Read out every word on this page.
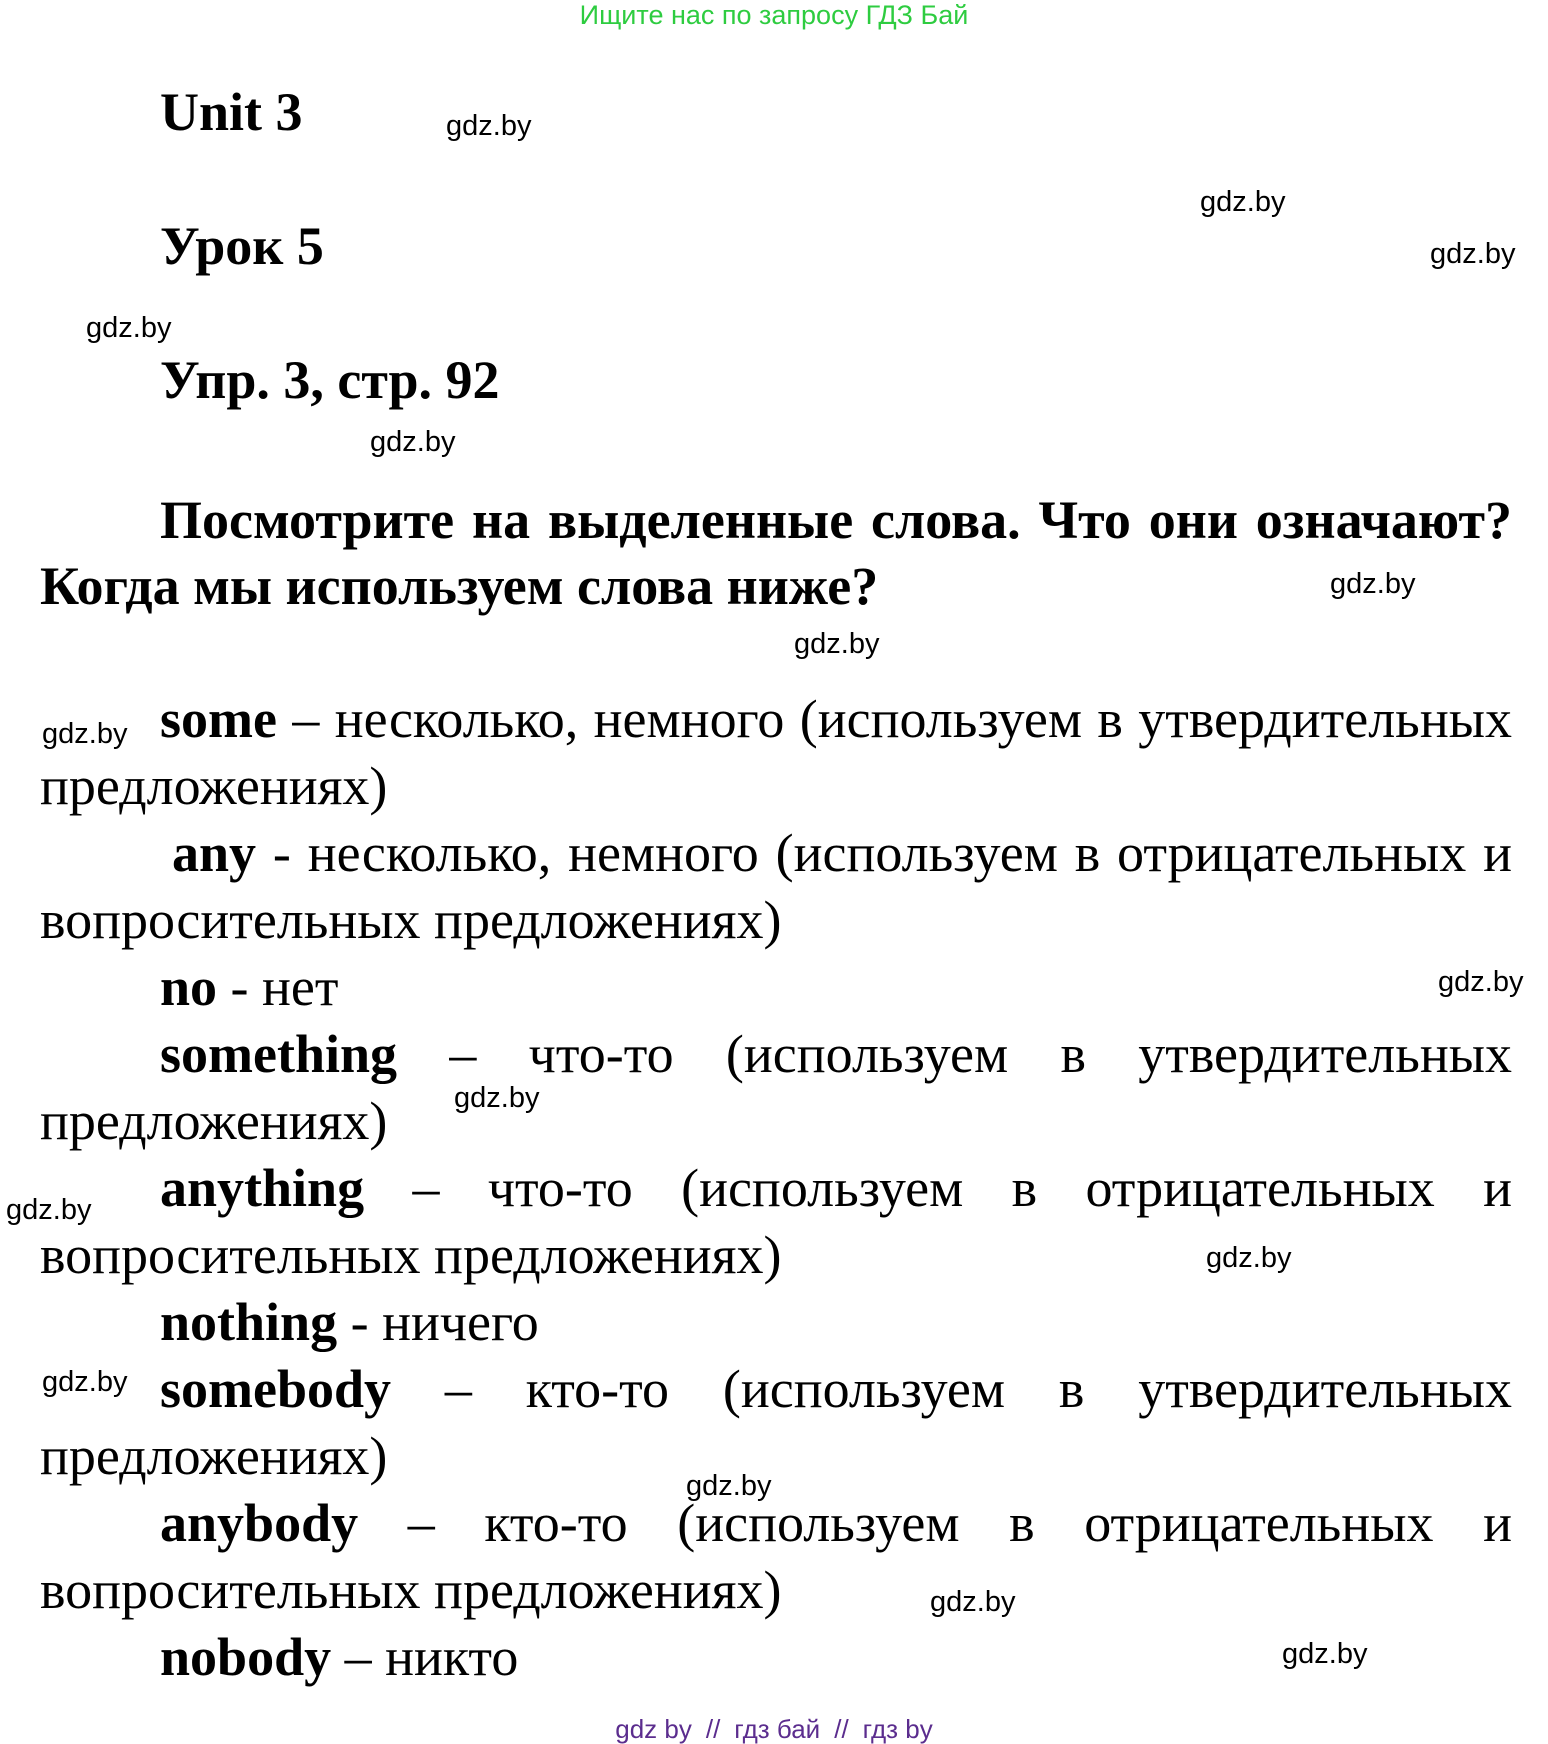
Ищите нас по запросу ГДЗ Бай
Unit 3
Урок 5
Упр. 3, стр. 92
Посмотрите на выделенные слова. Что они означают? Когда мы используем слова ниже?
some – несколько, немного (используем в утвердительных предложениях)
any - несколько, немного (используем в отрицательных и вопросительных предложениях)
no - нет
something – что-то (используем в утвердительных предложениях)
anything – что-то (используем в отрицательных и вопросительных предложениях)
nothing - ничего
somebody – кто-то (используем в утвердительных предложениях)
anybody – кто-то (используем в отрицательных и вопросительных предложениях)
nobody – никто
gdz.by
gdz.by
gdz.by
gdz.by
gdz.by
gdz.by
gdz.by
gdz.by
gdz.by
gdz.by
gdz.by
gdz.by
gdz.by
gdz.by
gdz.by
gdz.by
gdz by // гдз бай // гдз by
